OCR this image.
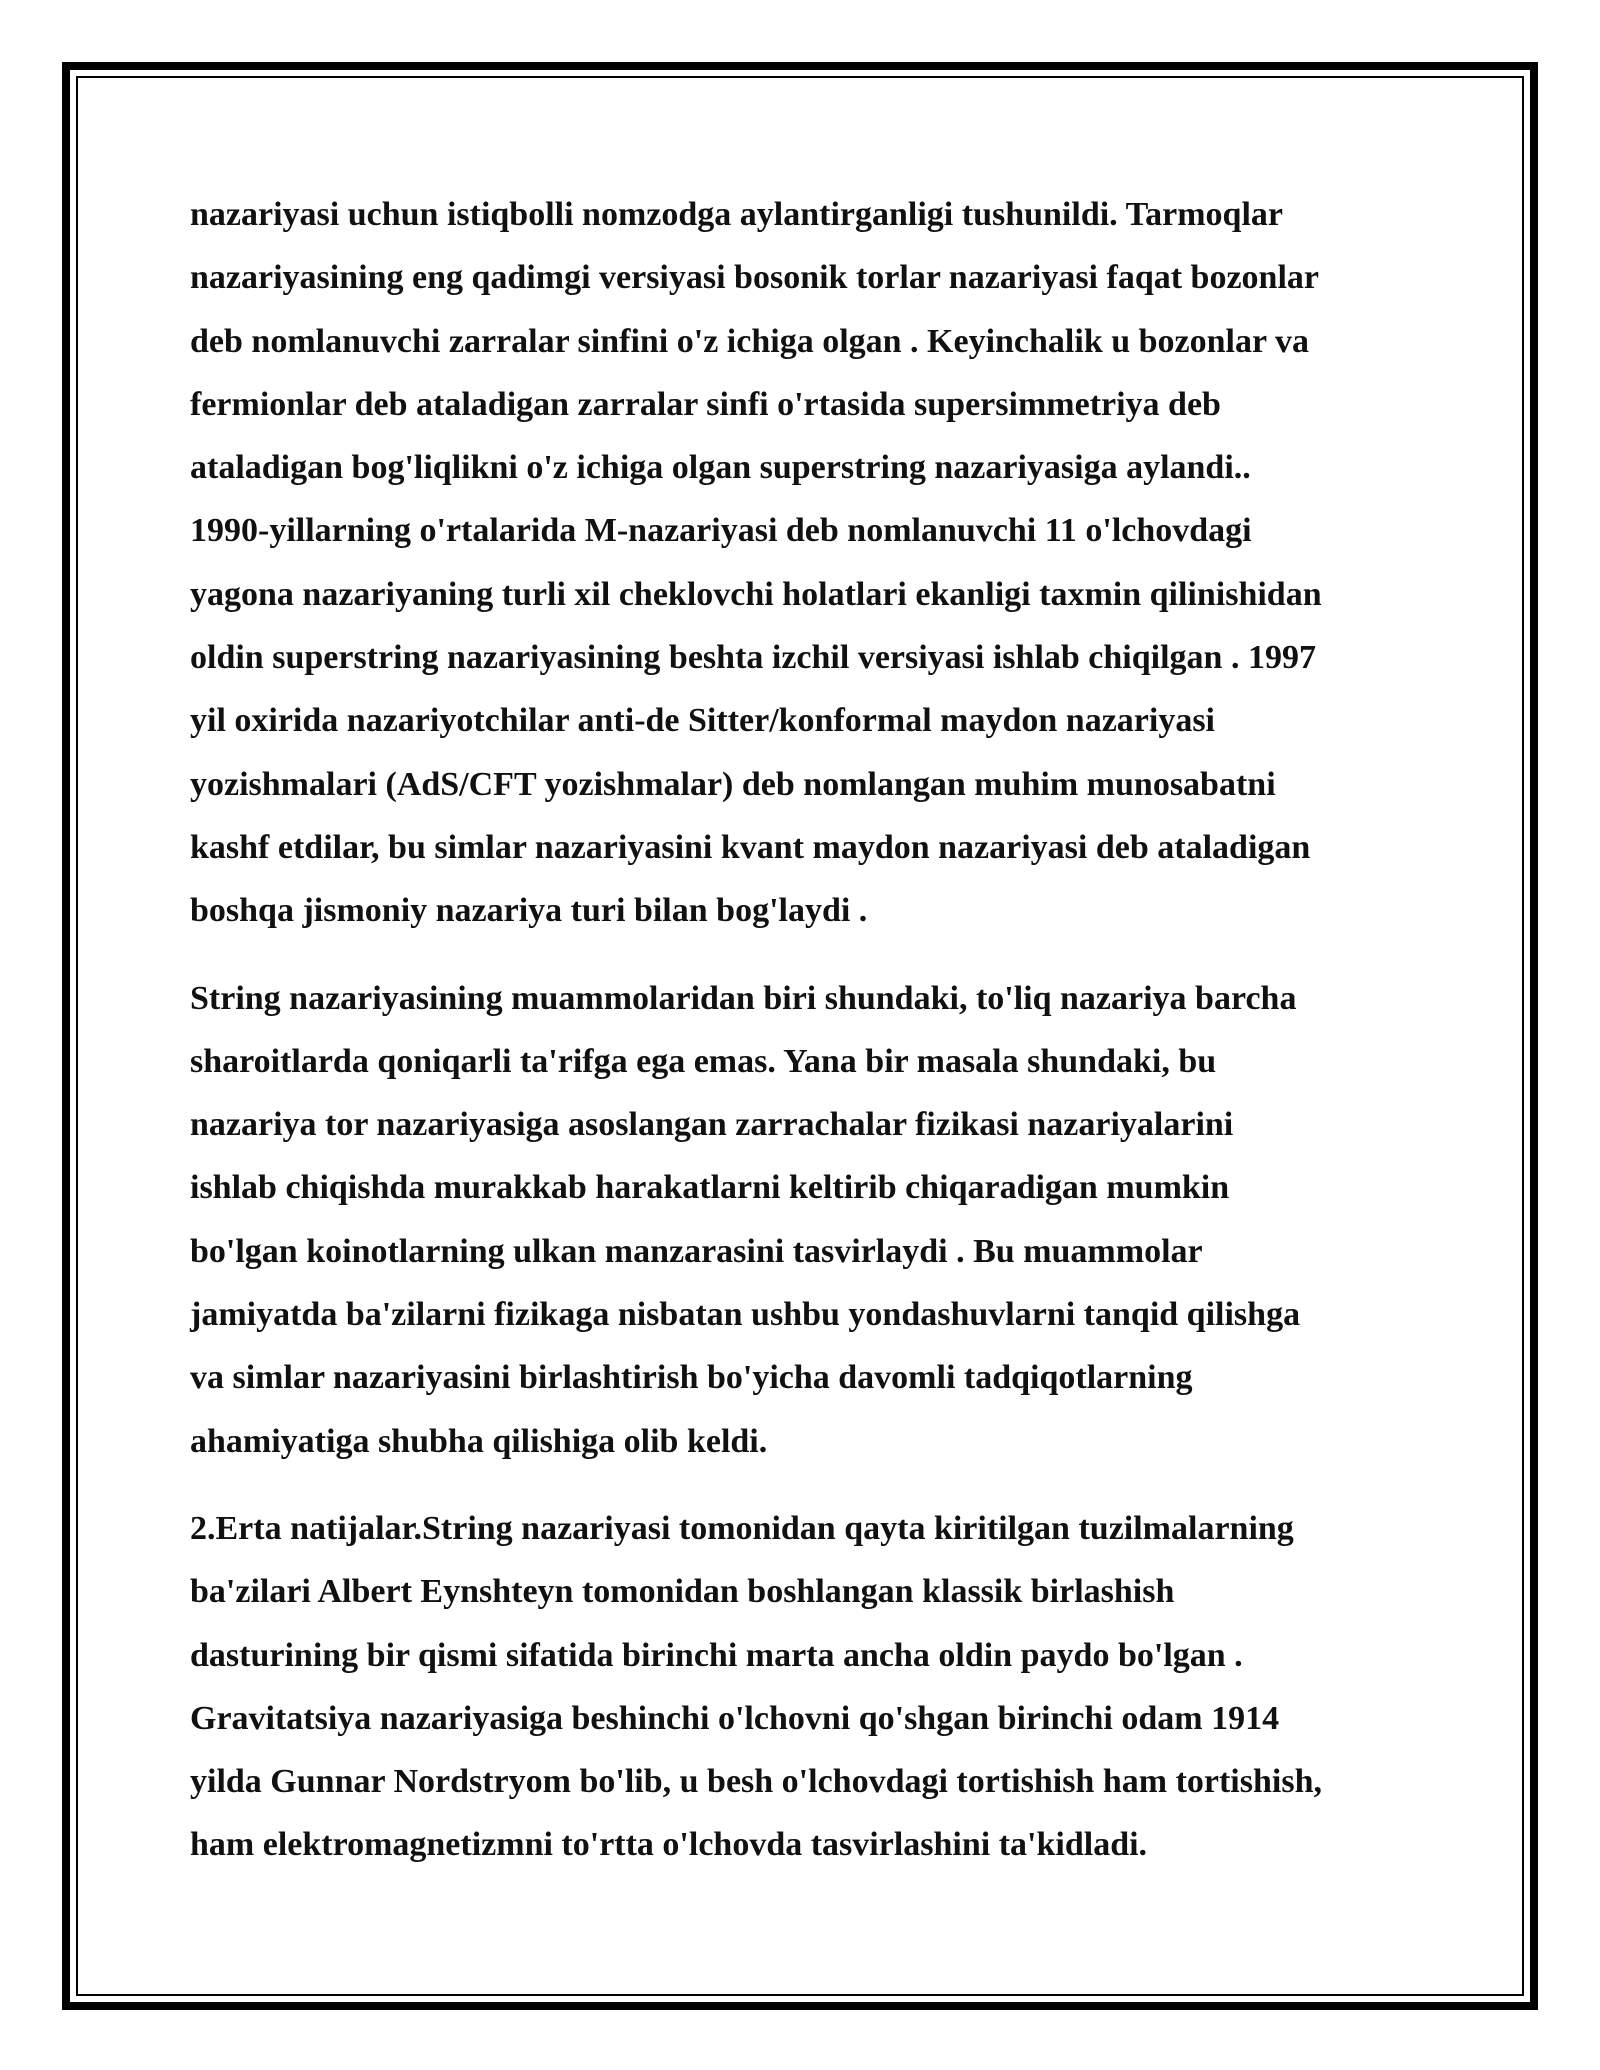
nazariyasi uchun istiqbolli nomzodga aylantirganligi tushunildi. Tarmoqlar
nazariyasining eng qadimgi versiyasi bosonik torlar nazariyasi faqat bozonlar
deb nomlanuvchi zarralar sinfini o'z ichiga olgan . Keyinchalik u bozonlar va
fermionlar deb ataladigan zarralar sinfi o'rtasida supersimmetriya deb
ataladigan bog'liqlikni o'z ichiga olgan superstring nazariyasiga aylandi..
1990-yillarning o'rtalarida M-nazariyasi deb nomlanuvchi 11 o'lchovdagi
yagona nazariyaning turli xil cheklovchi holatlari ekanligi taxmin qilinishidan
oldin superstring nazariyasining beshta izchil versiyasi ishlab chiqilgan . 1997
yil oxirida nazariyotchilar anti-de Sitter/konformal maydon nazariyasi
yozishmalari (AdS/CFT yozishmalar) deb nomlangan muhim munosabatni
kashf etdilar, bu simlar nazariyasini kvant maydon nazariyasi deb ataladigan
boshqa jismoniy nazariya turi bilan bog'laydi .

String nazariyasining muammolaridan biri shundaki, to'liq nazariya barcha
sharoitlarda qoniqarli ta'rifga ega emas. Yana bir masala shundaki, bu
nazariya tor nazariyasiga asoslangan zarrachalar fizikasi nazariyalarini
ishlab chiqishda murakkab harakatlarni keltirib chiqaradigan mumkin
bo'lgan koinotlarning ulkan manzarasini tasvirlaydi . Bu muammolar
jamiyatda ba'zilarni fizikaga nisbatan ushbu yondashuvlarni tanqid qilishga
va simlar nazariyasini birlashtirish bo'yicha davomli tadqiqotlarning
ahamiyatiga shubha qilishiga olib keldi.

2.Erta natijalar.String nazariyasi tomonidan qayta kiritilgan tuzilmalarning
ba'zilari Albert Eynshteyn tomonidan boshlangan klassik birlashish
dasturining bir qismi sifatida birinchi marta ancha oldin paydo bo'lgan .
Gravitatsiya nazariyasiga beshinchi o'lchovni qo'shgan birinchi odam 1914
yilda Gunnar Nordstryom bo'lib, u besh o'lchovdagi tortishish ham tortishish,
ham elektromagnetizmni to'rtta o'lchovda tasvirlashini ta'kidladi.
